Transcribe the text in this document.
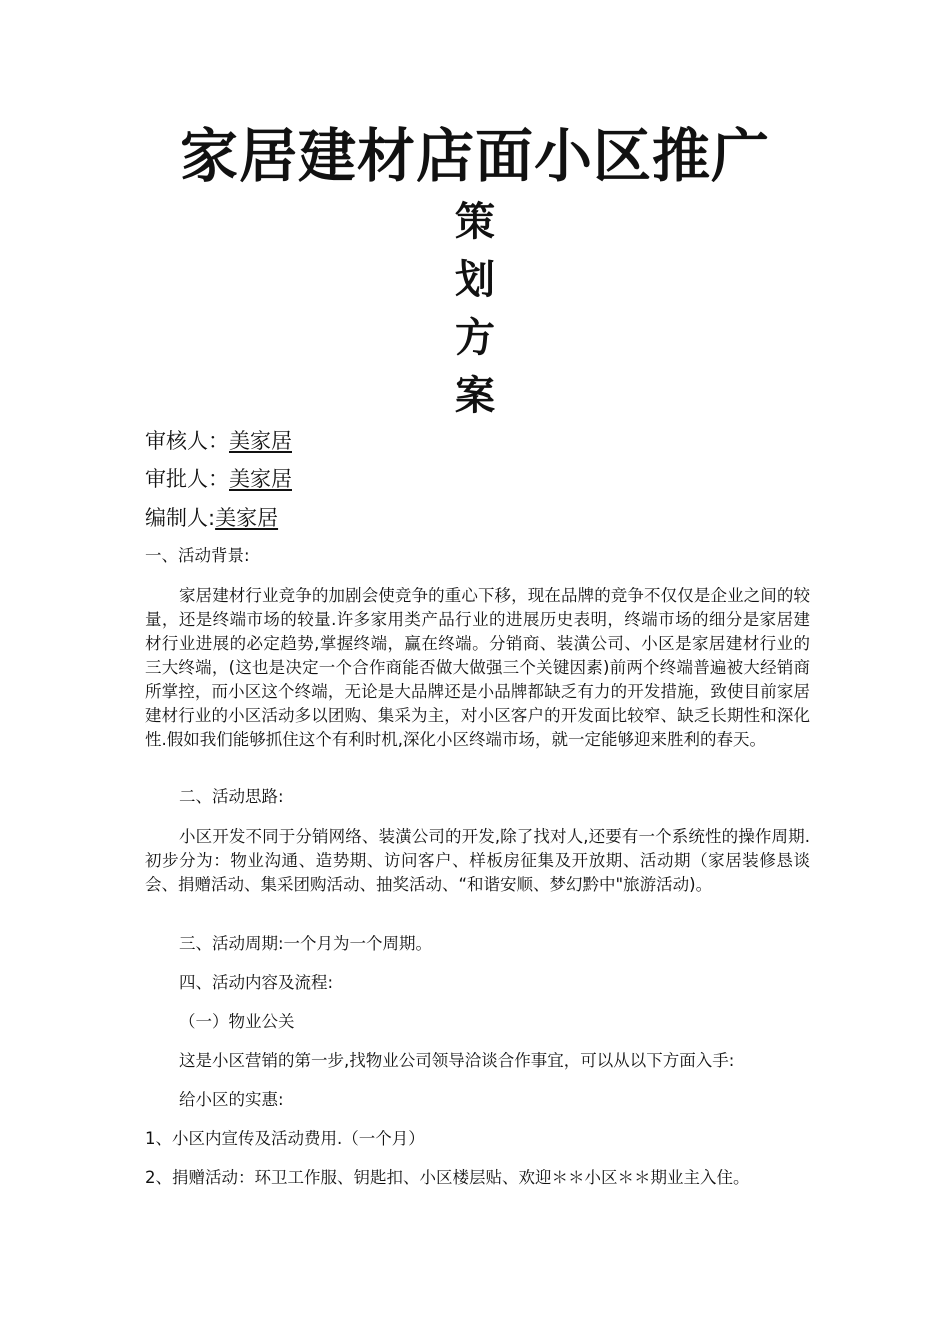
家居建材店面小区推广
策
划
方
案
审核人：美家居
审批人：美家居
编制人:美家居
一、活动背景:
家居建材行业竞争的加剧会使竞争的重心下移，现在品牌的竞争不仅仅是企业之间的较量，还是终端市场的较量.许多家用类产品行业的进展历史表明，终端市场的细分是家居建材行业进展的必定趋势,掌握终端，赢在终端。分销商、装潢公司、小区是家居建材行业的三大终端，(这也是决定一个合作商能否做大做强三个关键因素)前两个终端普遍被大经销商所掌控，而小区这个终端，无论是大品牌还是小品牌都缺乏有力的开发措施，致使目前家居建材行业的小区活动多以团购、集采为主，对小区客户的开发面比较窄、缺乏长期性和深化性.假如我们能够抓住这个有利时机,深化小区终端市场，就一定能够迎来胜利的春天。
二、活动思路:
小区开发不同于分销网络、装潢公司的开发,除了找对人,还要有一个系统性的操作周期.初步分为：物业沟通、造势期、访问客户、样板房征集及开放期、活动期（家居装修恳谈会、捐赠活动、集采团购活动、抽奖活动、“和谐安顺、梦幻黔中"旅游活动)。
三、活动周期:一个月为一个周期。
四、活动内容及流程:
（一）物业公关
这是小区营销的第一步,找物业公司领导洽谈合作事宜，可以从以下方面入手:
给小区的实惠:
1、小区内宣传及活动费用.（一个月）
2、捐赠活动：环卫工作服、钥匙扣、小区楼层贴、欢迎＊＊小区＊＊期业主入住。
